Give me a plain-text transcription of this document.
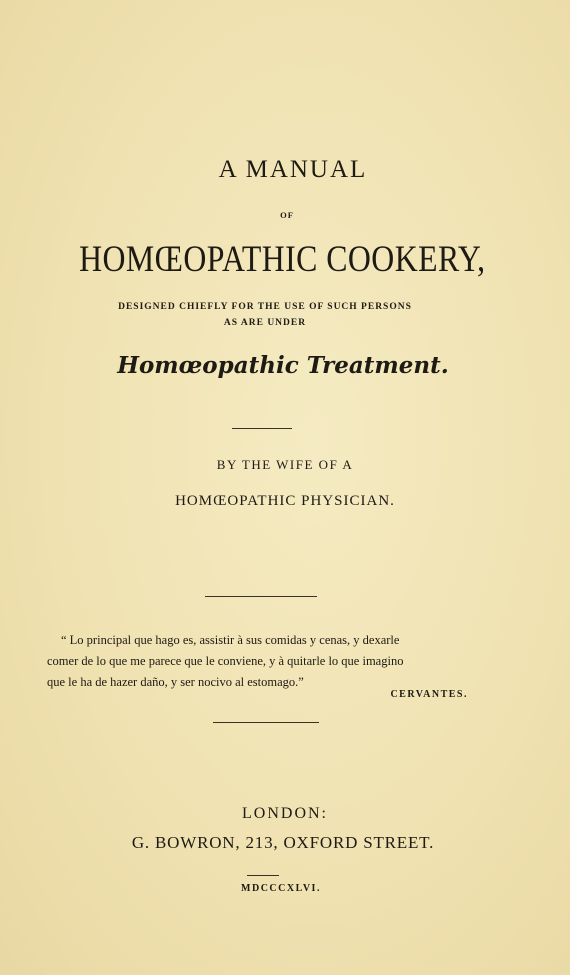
A MANUAL
OF
HOMŒOPATHIC COOKERY,
DESIGNED CHIEFLY FOR THE USE OF SUCH PERSONS
AS ARE UNDER
Homœopathic Treatment.
BY THE WIFE OF A
HOMŒOPATHIC PHYSICIAN.
“ Lo principal que hago es, assistir à sus comidas y cenas, y dexarle
comer de lo que me parece que le conviene, y à quitarle lo que imagino
que le ha de hazer daño, y ser nocivo al estomago.”
CERVANTES.
LONDON:
G. BOWRON, 213, OXFORD STREET.
MDCCCXLVI.
